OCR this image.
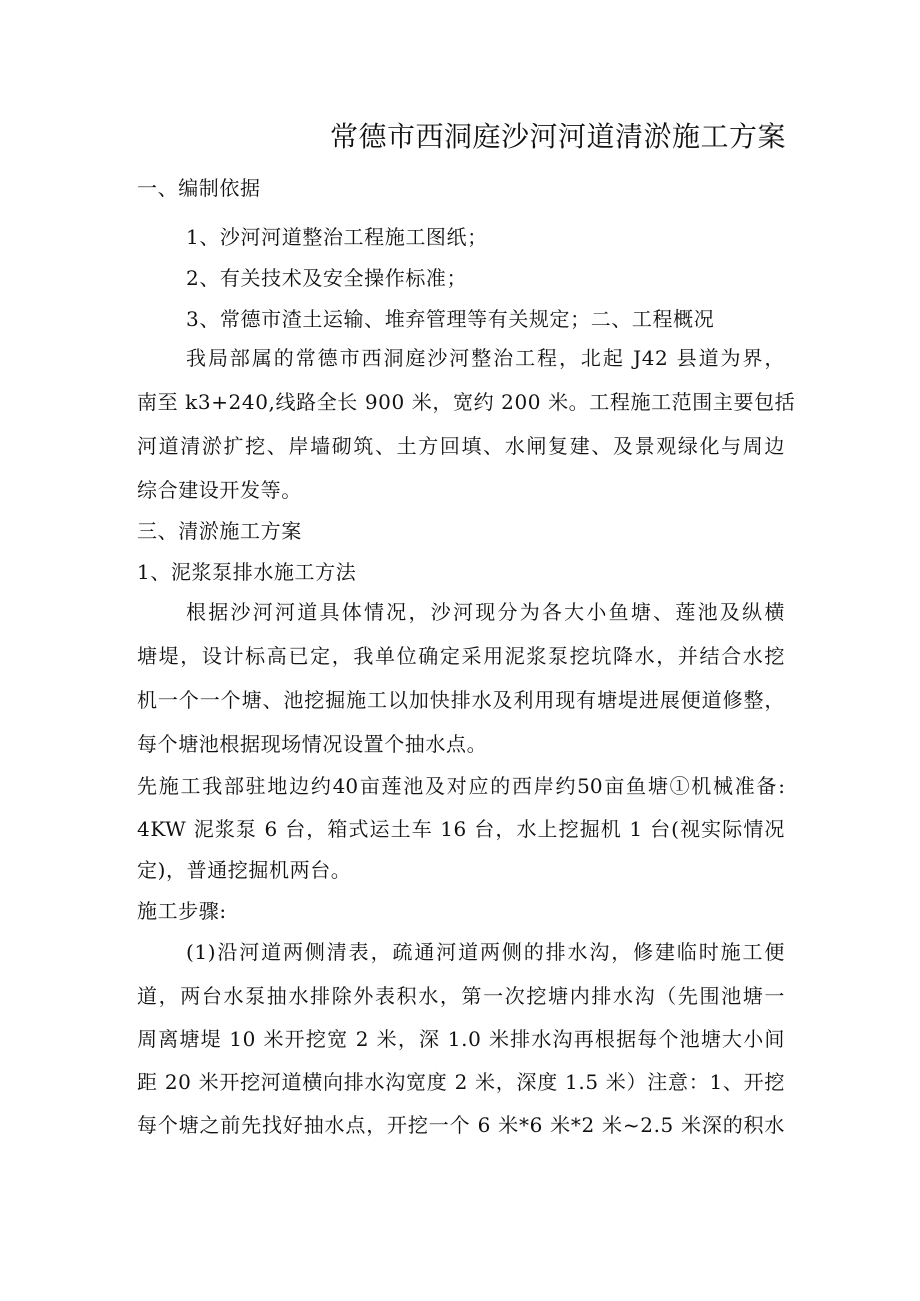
常德市西洞庭沙河河道清淤施工方案
一、编制依据
1、沙河河道整治工程施工图纸；
2、有关技术及安全操作标准；
3、常德市渣土运输、堆弃管理等有关规定；二、工程概况
我局部属的常德市西洞庭沙河整治工程，北起 J42 县道为界，
南至 k3+240,线路全长 900 米，宽约 200 米。工程施工范围主要包括
河道清淤扩挖、岸墙砌筑、土方回填、水闸复建、及景观绿化与周边
综合建设开发等。
三、清淤施工方案
1、泥浆泵排水施工方法
根据沙河河道具体情况，沙河现分为各大小鱼塘、莲池及纵横
塘堤，设计标高已定，我单位确定采用泥浆泵挖坑降水，并结合水挖
机一个一个塘、池挖掘施工以加快排水及利用现有塘堤进展便道修整，
每个塘池根据现场情况设置个抽水点。
先施工我部驻地边约40亩莲池及对应的西岸约50亩鱼塘①机械准备:
4KW 泥浆泵 6 台，箱式运土车 16 台，水上挖掘机 1 台(视实际情况
定)，普通挖掘机两台。
施工步骤:
(1)沿河道两侧清表，疏通河道两侧的排水沟，修建临时施工便
道，两台水泵抽水排除外表积水，第一次挖塘内排水沟（先围池塘一
周离塘堤 10 米开挖宽 2 米，深 1.0 米排水沟再根据每个池塘大小间
距 20 米开挖河道横向排水沟宽度 2 米，深度 1.5 米）注意：1、开挖
每个塘之前先找好抽水点，开挖一个 6 米*6 米*2 米~2.5 米深的积水
